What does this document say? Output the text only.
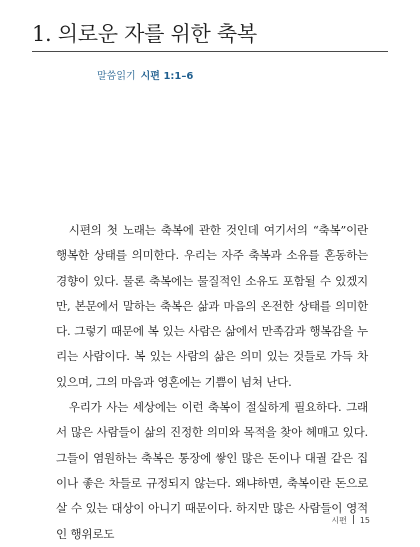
1. 의로운 자를 위한 축복
말씀읽기 시편 1:1–6

시편의 첫 노래는 축복에 관한 것인데 여기서의 “축복”이란 행복한 상태를 의미한다. 우리는 자주 축복과 소유를 혼동하는 경향이 있다. 물론 축복에는 물질적인 소유도 포함될 수 있겠지만, 본문에서 말하는 축복은 삶과 마음의 온전한 상태를 의미한다. 그렇기 때문에 복 있는 사람은 삶에서 만족감과 행복감을 누리는 사람이다. 복 있는 사람의 삶은 의미 있는 것들로 가득 차 있으며, 그의 마음과 영혼에는 기쁨이 넘쳐 난다.

우리가 사는 세상에는 이런 축복이 절실하게 필요하다. 그래서 많은 사람들이 삶의 진정한 의미와 목적을 찾아 헤매고 있다. 그들이 염원하는 축복은 통장에 쌓인 많은 돈이나 대궐 같은 집이나 좋은 차들로 규정되지 않는다. 왜냐하면, 축복이란 돈으로 살 수 있는 대상이 아니기 때문이다. 하지만 많은 사람들이 영적인 행위로도

시편 15
